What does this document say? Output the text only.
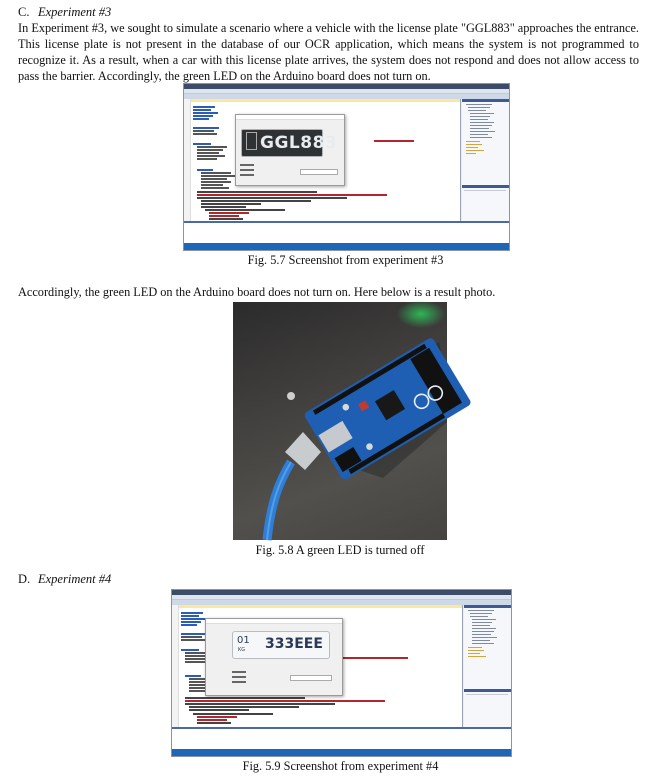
C. Experiment #3
In Experiment #3, we sought to simulate a scenario where a vehicle with the license plate "GGL883" approaches the entrance. This license plate is not present in the database of our OCR application, which means the system is not programmed to recognize it. As a result, when a car with this license plate arrives, the system does not respond and does not allow access to pass the barrier. Accordingly, the green LED on the Arduino board does not turn on.
GGL883
Fig. 5.7 Screenshot from experiment #3
Accordingly, the green LED on the Arduino board does not turn on. Here below is a result photo.
Fig. 5.8 A green LED is turned off
D. Experiment #4
01
KG 333EEE
Fig. 5.9 Screenshot from experiment #4
